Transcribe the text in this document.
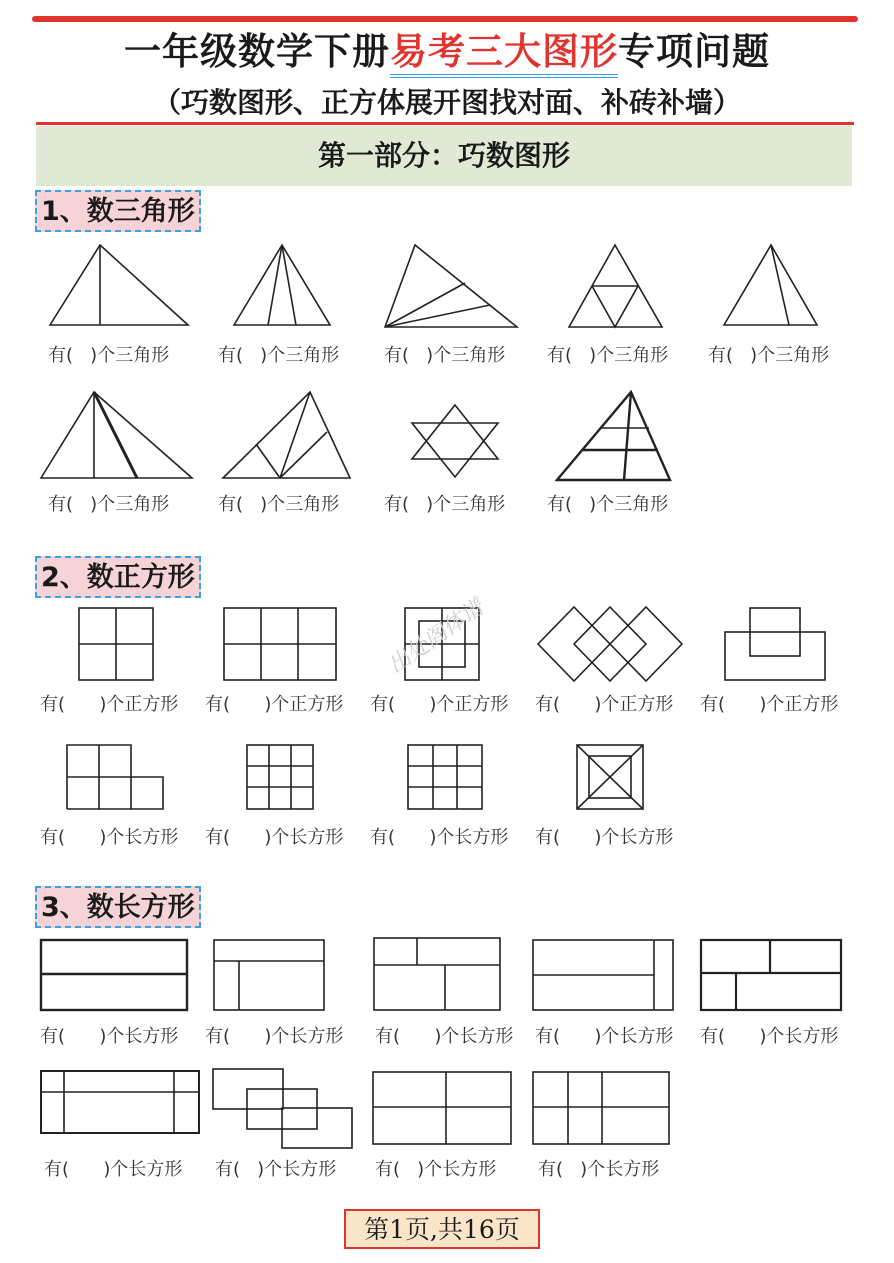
一年级数学下册易考三大图形专项问题
（巧数图形、正方体展开图找对面、补砖补墙）
第一部分：巧数图形
1、数三角形
有(   )个三角形	有(   )个三角形 有(   )个三角形 有(   )个三角形 有(   )个三角形
有(   )个三角形	有(   )个三角形 有(   )个三角形 有(   )个三角形
2、数正方形
有(      )个正方形 有(      )个正方形 有(      )个正方形 有(      )个正方形 有(      )个正方形
有(      )个长方形 有(      )个长方形 有(      )个长方形 有(      )个长方形
3、数长方形
有(      )个长方形 有(      )个长方形 有(      )个长方形 有(      )个长方形 有(      )个长方形
有(      )个长方形 有(   )个长方形 有(   )个长方形 有(   )个长方形
出处阁体谱
第1页,共16页
